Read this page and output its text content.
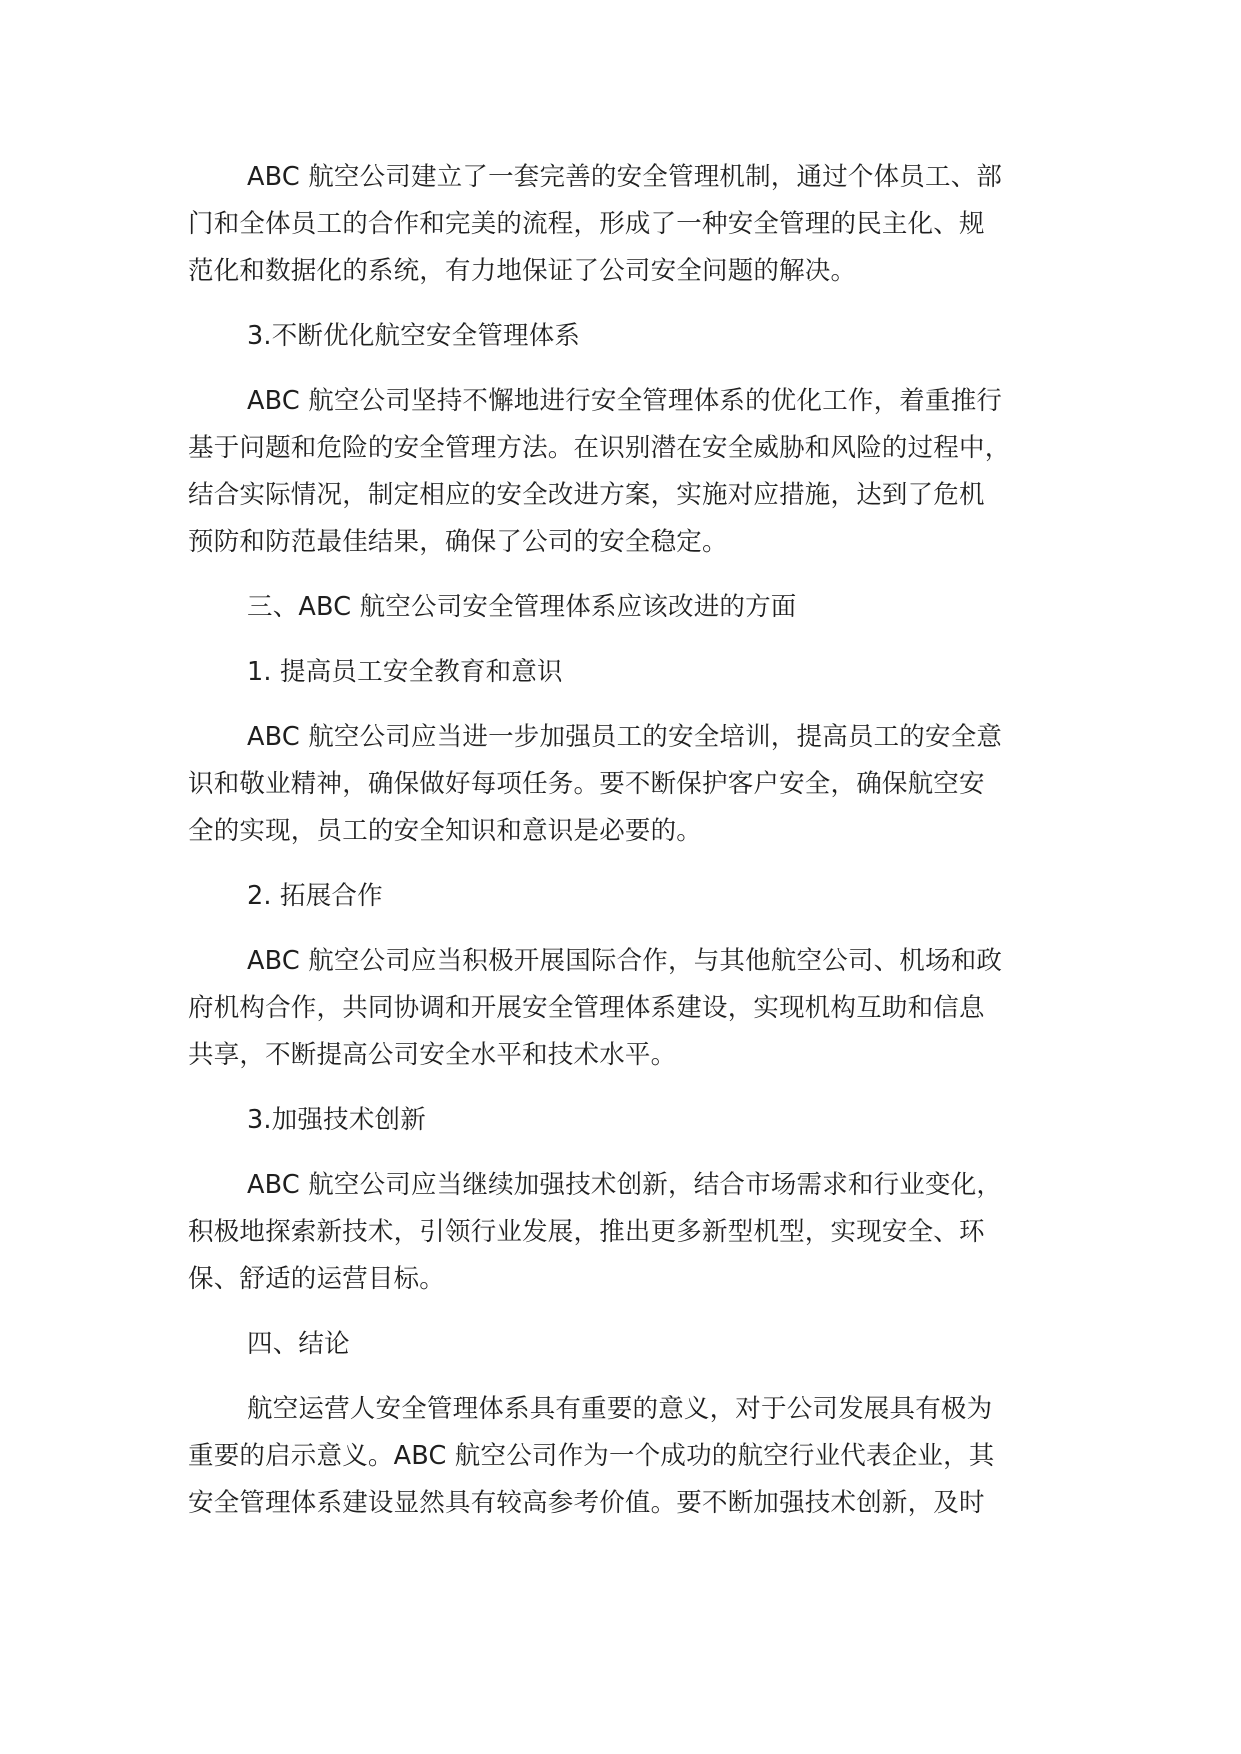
ABC 航空公司建立了一套完善的安全管理机制，通过个体员工、部
门和全体员工的合作和完美的流程，形成了一种安全管理的民主化、规
范化和数据化的系统，有力地保证了公司安全问题的解决。
3.不断优化航空安全管理体系
ABC 航空公司坚持不懈地进行安全管理体系的优化工作，着重推行
基于问题和危险的安全管理方法。在识别潜在安全威胁和风险的过程中，
结合实际情况，制定相应的安全改进方案，实施对应措施，达到了危机
预防和防范最佳结果，确保了公司的安全稳定。
三、ABC 航空公司安全管理体系应该改进的方面
1. 提高员工安全教育和意识
ABC 航空公司应当进一步加强员工的安全培训，提高员工的安全意
识和敬业精神，确保做好每项任务。要不断保护客户安全，确保航空安
全的实现，员工的安全知识和意识是必要的。
2. 拓展合作
ABC 航空公司应当积极开展国际合作，与其他航空公司、机场和政
府机构合作，共同协调和开展安全管理体系建设，实现机构互助和信息
共享，不断提高公司安全水平和技术水平。
3.加强技术创新
ABC 航空公司应当继续加强技术创新，结合市场需求和行业变化，
积极地探索新技术，引领行业发展，推出更多新型机型，实现安全、环
保、舒适的运营目标。
四、结论
航空运营人安全管理体系具有重要的意义，对于公司发展具有极为
重要的启示意义。ABC 航空公司作为一个成功的航空行业代表企业，其
安全管理体系建设显然具有较高参考价值。要不断加强技术创新，及时
